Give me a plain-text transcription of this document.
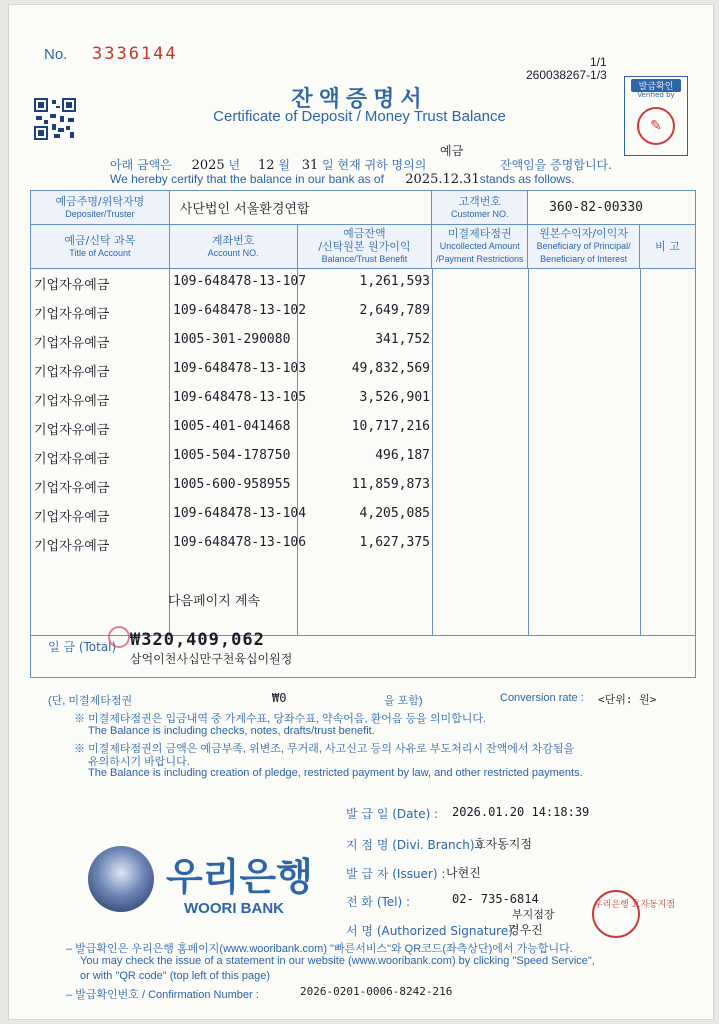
No. 3336144	1/1
260038267-1/3
발급확인
Verified by
✎
잔액증명서
Certificate of Deposit / Money Trust Balance
예금
아래 금액은 2025 년 12 월 31 일 현재 귀하 명의의	잔액임을 증명합니다.
We hereby certify that the balance in our bank as of 2025.12.31stands as follows.
예금주명/위탁자명
Depositer/Truster	사단법인 서울환경연합		고객번호
Customer NO.	360-82-00330	
예금/신탁 과목
Title of Account	계좌번호
Account NO.	예금잔액
/신탁원본 원가이익
Balance/Trust Benefit	미결제타점권
Uncollected Amount
/Payment Restrictions	원본수익자/이익자
Beneficiary of Principal/
Beneficiary of Interest	비 고
기업자유예금	109-648478-13-107	1,261,593
기업자유예금	109-648478-13-102	2,649,789
기업자유예금	1005-301-290080	341,752
기업자유예금	109-648478-13-103	49,832,569
기업자유예금	109-648478-13-105	3,526,901
기업자유예금	1005-401-041468	10,717,216
기업자유예금	1005-504-178750	496,187
기업자유예금	1005-600-958955	11,859,873
기업자유예금	109-648478-13-104	4,205,085
기업자유예금	109-648478-13-106	1,627,375
다음페이지 계속
일 금 (Total) ₩320,409,062
삼억이천사십만구천육십이원정
(단, 미결제타점권	₩0	을 포함)	Conversion rate : <단위: 원>
※ 미결제타점권은 입금내역 중 가계수표, 당좌수표, 약속어음, 환어음 등을 의미합니다.
The Balance is including checks, notes, drafts/trust benefit.
※ 미결제타점권의 금액은 예금부족, 위변조, 무거래, 사고신고 등의 사유로 부도처리시 잔액에서 차감됨을
유의하시기 바랍니다.
The Balance is including creation of pledge, restricted payment by law, and other restricted payments.
발 급 일 (Date) : 2026.01.20 14:18:39
지 점 명 (Divi. Branch) :
효자동지점
발 급 자 (Issuer) : 나현진
전 화 (Tel) :	02- 735-6814
부지점장
서 명 (Authorized Signature)
경우진
우리은행 효자동지점
우리은행
WOORI BANK
– 발급확인은 우리은행 홈페이지(www.wooribank.com) "빠른서비스"와 QR코드(좌측상단)에서 가능합니다.
You may check the issue of a statement in our website (www.wooribank.com) by clicking "Speed Service",
or with "QR code" (top left of this page)
– 발급확인번호 / Confirmation Number :	2026-0201-0006-8242-216
